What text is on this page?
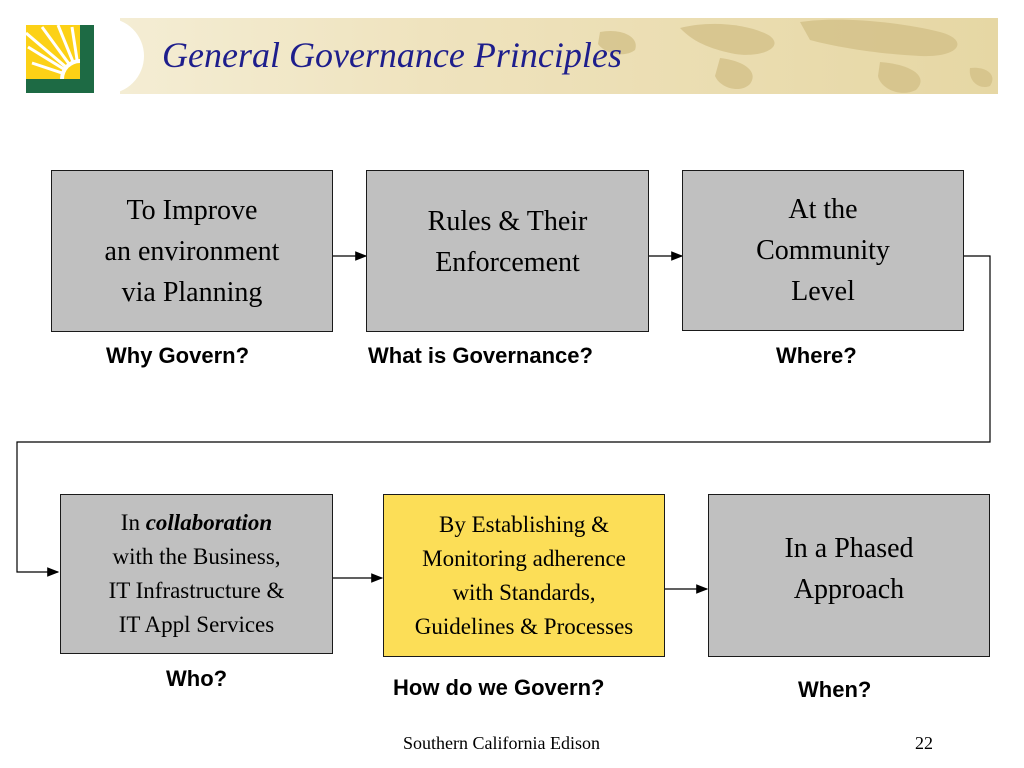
General Governance Principles
To Improve
an environment
via Planning
Rules & Their
Enforcement
At the
Community
Level
Why Govern?	What is Governance?	Where?
In collaboration
with the Business,
IT Infrastructure &
IT Appl Services
By Establishing &
Monitoring adherence
with Standards,
Guidelines & Processes
In a Phased
Approach
Who?	How do we Govern?	When?
Southern California Edison	22
